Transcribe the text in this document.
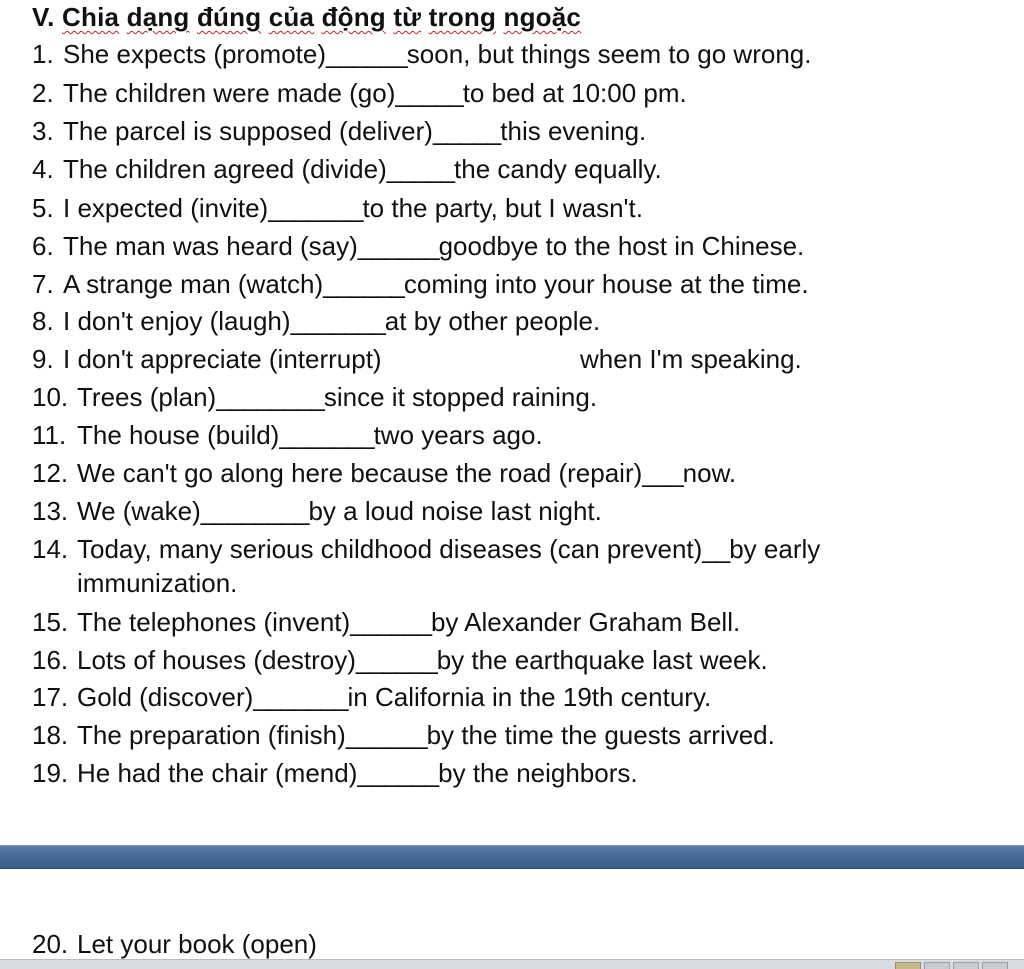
V. Chia dạng đúng của động từ trong ngoặc
1. She expects (promote)______soon, but things seem to go wrong.
2. The children were made (go)_____to bed at 10:00 pm.
3. The parcel is supposed (deliver)_____this evening.
4. The children agreed (divide)_____the candy equally.
5. I expected (invite)_______to the party, but I wasn't.
6. The man was heard (say)______goodbye to the host in Chinese.
7. A strange man (watch)______coming into your house at the time.
8. I don't enjoy (laugh)_______at by other people.
9. I don't appreciate (interrupt)	when I'm speaking.
10. Trees (plan)________since it stopped raining.
11. The house (build)_______two years ago.
12. We can't go along here because the road (repair)___now.
13. We (wake)________by a loud noise last night.
14. Today, many serious childhood diseases (can prevent)__by early
immunization.
15. The telephones (invent)______by Alexander Graham Bell.
16. Lots of houses (destroy)______by the earthquake last week.
17. Gold (discover)_______in California in the 19th century.
18. The preparation (finish)______by the time the guests arrived.
19. He had the chair (mend)______by the neighbors.
20. Let your book (open)
